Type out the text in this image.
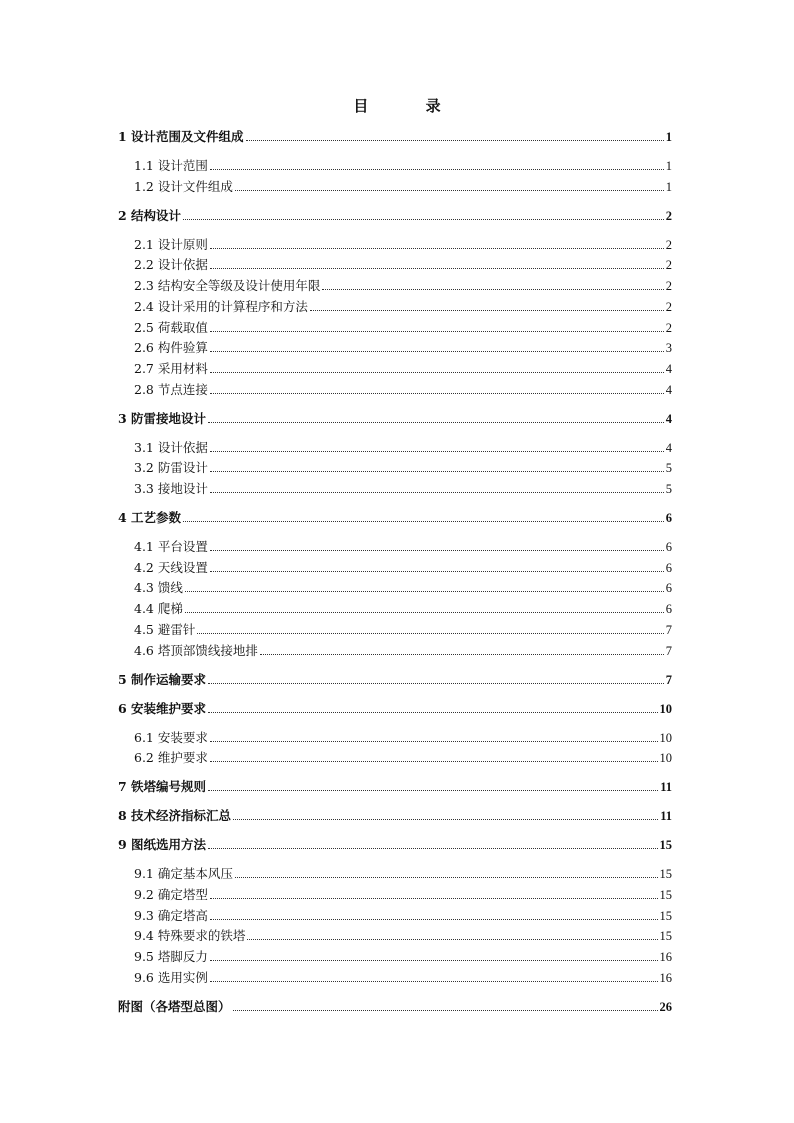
目 录
1 设计范围及文件组成	1
1.1 设计范围	1
1.2 设计文件组成	1
2 结构设计	2
2.1 设计原则	2
2.2 设计依据	2
2.3 结构安全等级及设计使用年限	2
2.4 设计采用的计算程序和方法	2
2.5 荷载取值	2
2.6 构件验算	3
2.7 采用材料	4
2.8 节点连接	4
3 防雷接地设计	4
3.1 设计依据	4
3.2 防雷设计	5
3.3 接地设计	5
4 工艺参数	6
4.1 平台设置	6
4.2 天线设置	6
4.3 馈线	6
4.4 爬梯	6
4.5 避雷针	7
4.6 塔顶部馈线接地排	7
5 制作运输要求	7
6 安装维护要求	10
6.1 安装要求	10
6.2 维护要求	10
7 铁塔编号规则	11
8 技术经济指标汇总	11
9 图纸选用方法	15
9.1 确定基本风压	15
9.2 确定塔型	15
9.3 确定塔高	15
9.4 特殊要求的铁塔	15
9.5 塔脚反力	16
9.6 选用实例	16
附图（各塔型总图）	26
